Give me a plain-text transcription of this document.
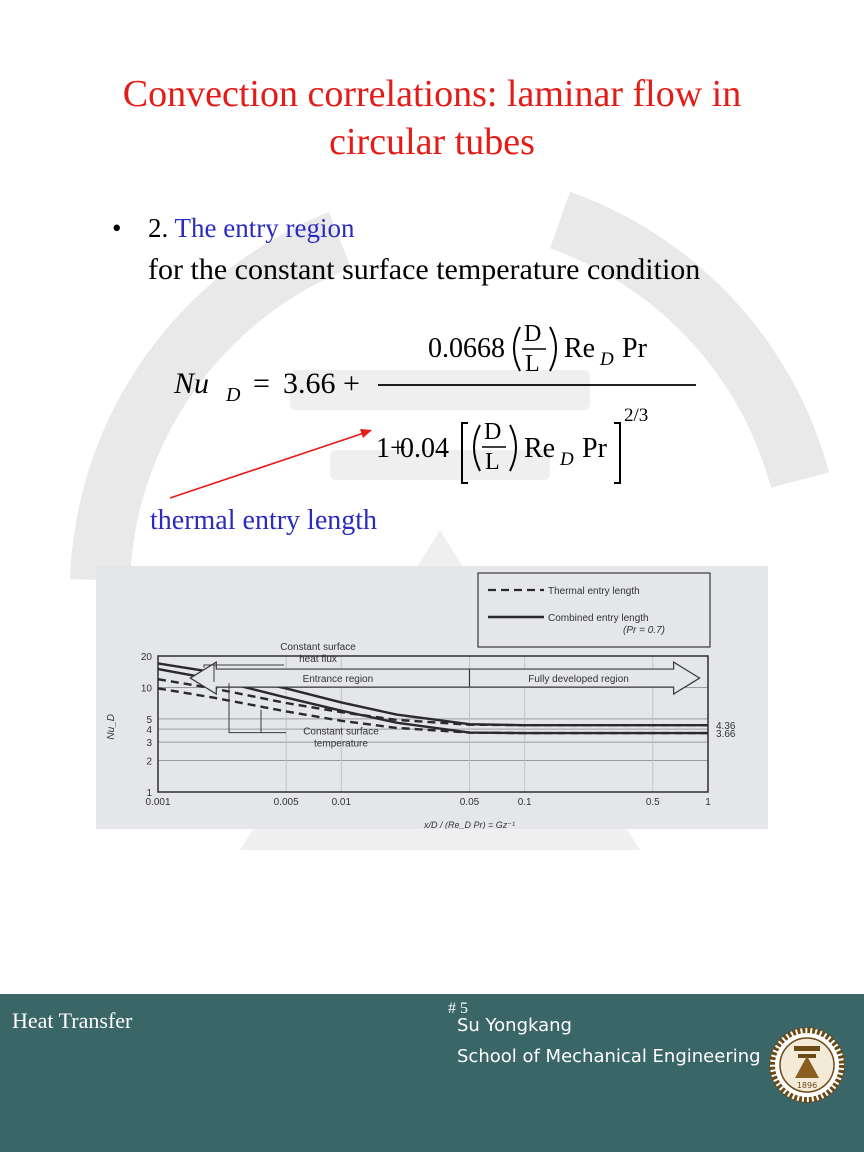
Convection correlations: laminar flow in
circular tubes
• 2. The entry region
for the constant surface temperature condition
Nu D = 3.66 +
0.0668 D
L Re D Pr
1+
0.04
D
L Re D Pr
2/3
thermal entry length
1
2
3
4
5
10
20
0.001	0.005	0.01	0.05	0.1	0.5	1
Entrance region	Fully developed region
Constant surface
heat flux
Constant surface
temperature
4.36
3.66
Nu_D
x/D / (Re_D Pr) = Gz⁻¹
Thermal entry length
Combined entry length
(Pr = 0.7)
Heat Transfer	# 5
Su Yongkang
School of Mechanical Engineering
1896
